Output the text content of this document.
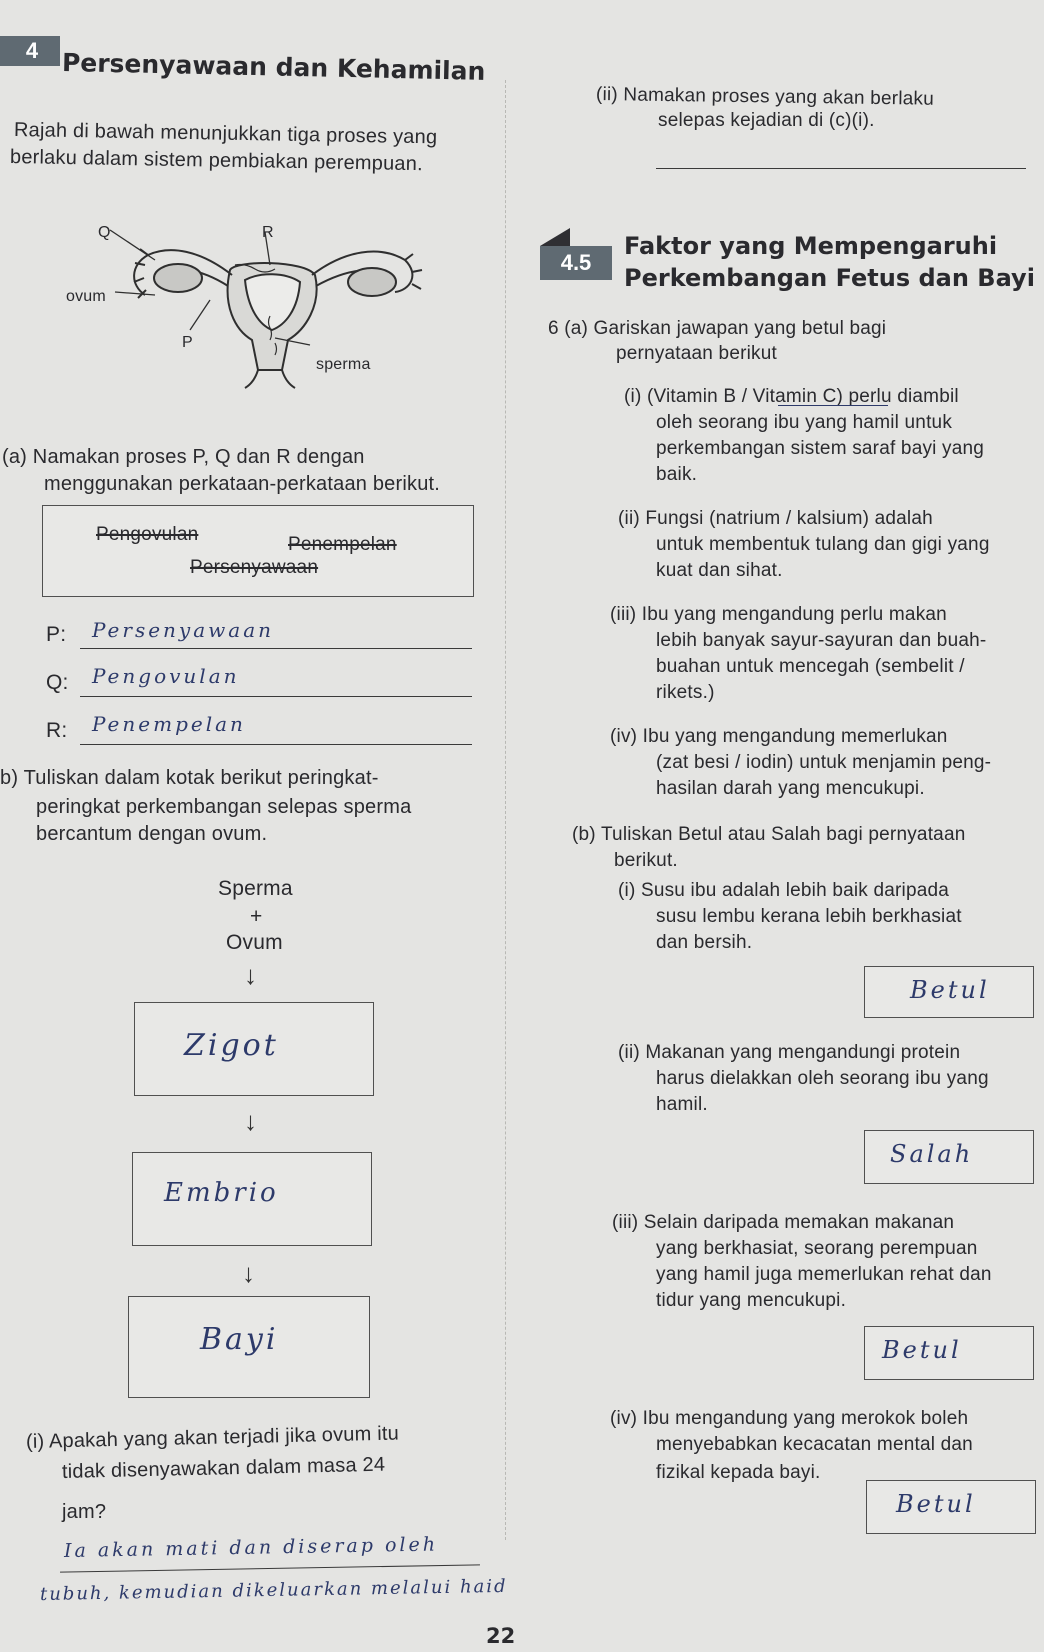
4 Persenyawaan dan Kehamilan
Rajah di bawah menunjukkan tiga proses yang
berlaku dalam sistem pembiakan perempuan.
Q	R
ovum
P
sperma
(a) Namakan proses P, Q dan R dengan
menggunakan perkataan-perkataan berikut.
Pengovulan	Penempelan
Persenyawaan
P: Persenyawaan
Q: Pengovulan
R: Penempelan
b) Tuliskan dalam kotak berikut peringkat-
peringkat perkembangan selepas sperma
bercantum dengan ovum.
Sperma
+
Ovum
↓
Zigot
↓
Embrio
↓
Bayi
(i) Apakah yang akan terjadi jika ovum itu
tidak disenyawakan dalam masa 24
jam?
Ia akan mati dan diserap oleh
tubuh, kemudian dikeluarkan melalui haid
22
(ii) Namakan proses yang akan berlaku
selepas kejadian di (c)(i).
4.5
Faktor yang Mempengaruhi
Perkembangan Fetus dan Bayi
6 (a) Gariskan jawapan yang betul bagi
pernyataan berikut
(i) (Vitamin B / Vitamin C) perlu diambil
oleh seorang ibu yang hamil untuk
perkembangan sistem saraf bayi yang
baik.
(ii) Fungsi (natrium / kalsium) adalah
untuk membentuk tulang dan gigi yang
kuat dan sihat.
(iii) Ibu yang mengandung perlu makan
lebih banyak sayur-sayuran dan buah-
buahan untuk mencegah (sembelit /
rikets.)
(iv) Ibu yang mengandung memerlukan
(zat besi / iodin) untuk menjamin peng-
hasilan darah yang mencukupi.
(b) Tuliskan Betul atau Salah bagi pernyataan
berikut.
(i) Susu ibu adalah lebih baik daripada
susu lembu kerana lebih berkhasiat
dan bersih.
Betul
(ii) Makanan yang mengandungi protein
harus dielakkan oleh seorang ibu yang
hamil.
Salah
(iii) Selain daripada memakan makanan
yang berkhasiat, seorang perempuan
yang hamil juga memerlukan rehat dan
tidur yang mencukupi.
Betul
(iv) Ibu mengandung yang merokok boleh
menyebabkan kecacatan mental dan
fizikal kepada bayi.
Betul
